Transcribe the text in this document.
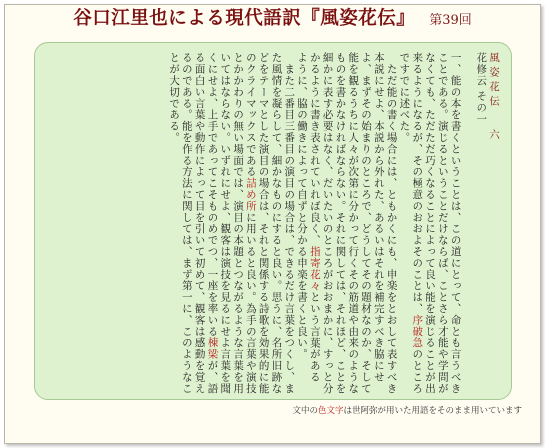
谷口江里也による現代語訳『風姿花伝』 第39回

風姿花伝　六

花修云 その一

一、能の本を書くということは、この道にとって、命とも言うべきことである。演じるということだけならば、ことさら才能や学問がなくても、ただただ巧くなることによって良い能を演じることが出来るようになるが、その極意のおおよそのことは、序破急のところですでに述べた。

　ただ能の書く場合には、ともかくにも、申楽をとおして表すべき本説にせよ、本説から外れた、あるいはそれを補完すべき脇にせよ、まずその始まりのところで、どうしてその題材なのか、そして能を観るうちに人々が次第に分かって行くその筋道や由来のようなものを書かなければならない。それに関しては、それほど、ことを細かに表す必要はなく、だいたいのところがおおまかに、すっと分かるように書き表されていれば良く、指寄花々という言葉があるように、脇の働きによって自ずと分かる申楽を書くと良い。

　また二番目三番目の演目の場合は、できるだけ言葉をつくし、また風情を凝らして、細かなものにすると良い。思うに、名所旧跡などをテーマとした演目の場合は、それと関係する詩歌を効果的に能のクライマックスである詰め所に用いると良い。為手の言葉や演技とかかわりの無い場面では、演目の本題とつながるような言葉を用いてはならない。いずれにせよ、観客は演技を見るにせよ言葉を聞くにせよ、上手であってこそものめでつ、一座を率いる棟梁が、語る面白い言葉や動作によって目を引いて初めて、観客は感動を覚えるのである。能を作る方法に関しては、まず第一に、このようなことが大切である。

文中の色文字は世阿弥が用いた用語をそのまま用いています
